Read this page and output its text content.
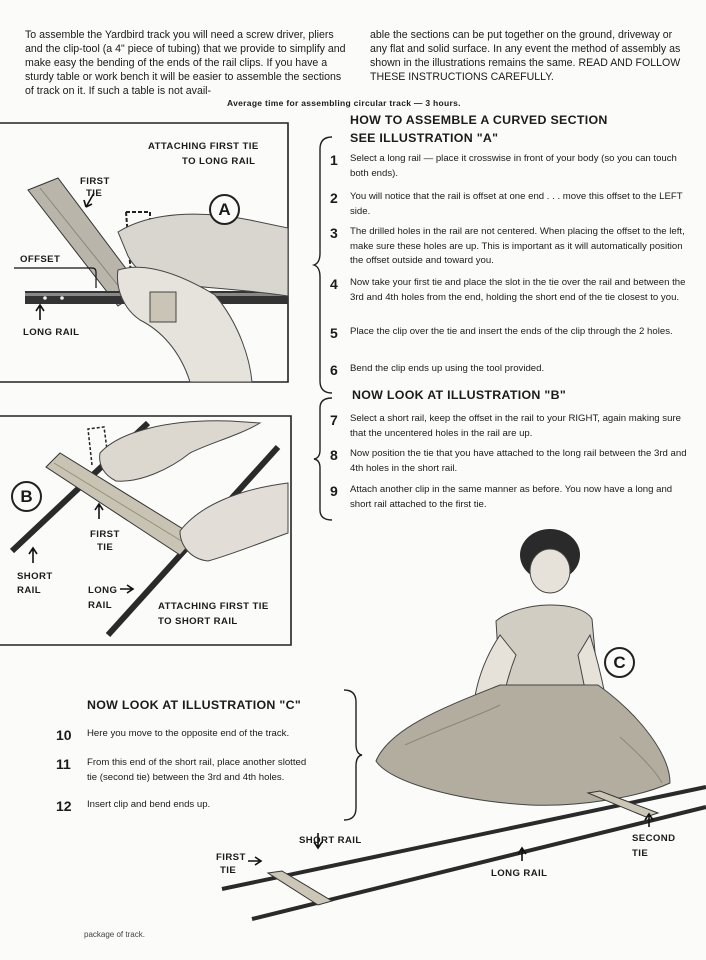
To assemble the Yardbird track you will need a screw driver, pliers and the clip-tool (a 4" piece of tubing) that we provide to simplify and make easy the bending of the ends of the rail clips. If you have a sturdy table or work bench it will be easier to assemble the sections of track on it. If such a table is not avail-
able the sections can be put together on the ground, driveway or any flat and solid surface. In any event the method of assembly as shown in the illustrations remains the same. READ AND FOLLOW THESE INSTRUCTIONS CAREFULLY.
Average time for assembling circular track — 3 hours.
ATTACHING FIRST TIE
TO LONG RAIL
FIRST
TIE
OFFSET
LONG RAIL
A
HOW TO ASSEMBLE A CURVED SECTION
SEE ILLUSTRATION "A"
1	Select a long rail — place it crosswise in front of your body (so you can touch both ends).
2	You will notice that the rail is offset at one end . . . move this offset to the LEFT side.
3	The drilled holes in the rail are not centered. When placing the offset to the left, make sure these holes are up. This is important as it will automatically position the offset outside and toward you.
4	Now take your first tie and place the slot in the tie over the rail and between the 3rd and 4th holes from the end, holding the short end of the tie closest to you.
5	Place the clip over the tie and insert the ends of the clip through the 2 holes.
6	Bend the clip ends up using the tool provided.
NOW LOOK AT ILLUSTRATION "B"
7	Select a short rail, keep the offset in the rail to your RIGHT, again making sure that the uncentered holes in the rail are up.
8	Now position the tie that you have attached to the long rail between the 3rd and 4th holes in the short rail.
9	Attach another clip in the same manner as before. You now have a long and short rail attached to the first tie.
B
FIRST
TIE
SHORT
RAIL	LONG
RAIL	ATTACHING FIRST TIE
TO SHORT RAIL
C
SHORT RAIL
FIRST
TIE	LONG RAIL
SECOND
TIE
NOW LOOK AT ILLUSTRATION "C"
10	Here you move to the opposite end of the track.
11	From this end of the short rail, place another slotted tie (second tie) between the 3rd and 4th holes.
12	Insert clip and bend ends up.
package of track.
